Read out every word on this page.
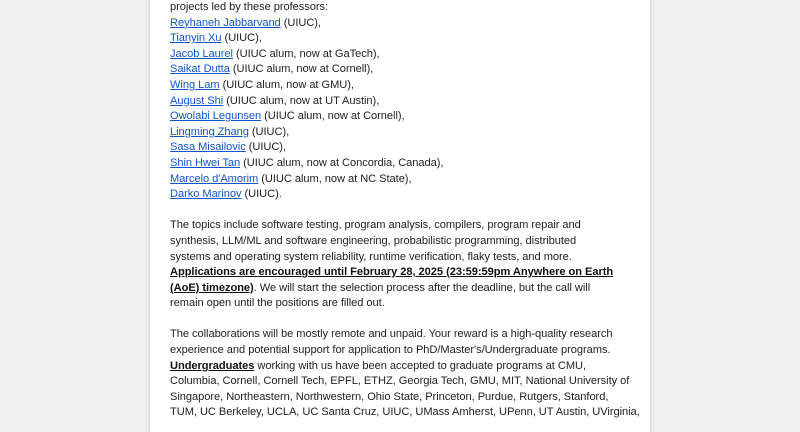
projects led by these professors:
Reyhaneh Jabbarvand (UIUC),
Tianyin Xu (UIUC),
Jacob Laurel (UIUC alum, now at GaTech),
Saikat Dutta (UIUC alum, now at Cornell),
Wing Lam (UIUC alum, now at GMU),
August Shi (UIUC alum, now at UT Austin),
Owolabi Legunsen (UIUC alum, now at Cornell),
Lingming Zhang (UIUC),
Sasa Misailovic (UIUC),
Shin Hwei Tan (UIUC alum, now at Concordia, Canada),
Marcelo d'Amorim (UIUC alum, now at NC State),
Darko Marinov (UIUC).
The topics include software testing, program analysis, compilers, program repair and
synthesis, LLM/ML and software engineering, probabilistic programming, distributed
systems and operating system reliability, runtime verification, flaky tests, and more.
Applications are encouraged until February 28, 2025 (23:59:59pm Anywhere on Earth
(AoE) timezone). We will start the selection process after the deadline, but the call will
remain open until the positions are filled out.
The collaborations will be mostly remote and unpaid. Your reward is a high-quality research
experience and potential support for application to PhD/Master's/Undergraduate programs.
Undergraduates working with us have been accepted to graduate programs at CMU,
Columbia, Cornell, Cornell Tech, EPFL, ETHZ, Georgia Tech, GMU, MIT, National University of
Singapore, Northeastern, Northwestern, Ohio State, Princeton, Purdue, Rutgers, Stanford,
TUM, UC Berkeley, UCLA, UC Santa Cruz, UIUC, UMass Amherst, UPenn, UT Austin, UVirginia,
